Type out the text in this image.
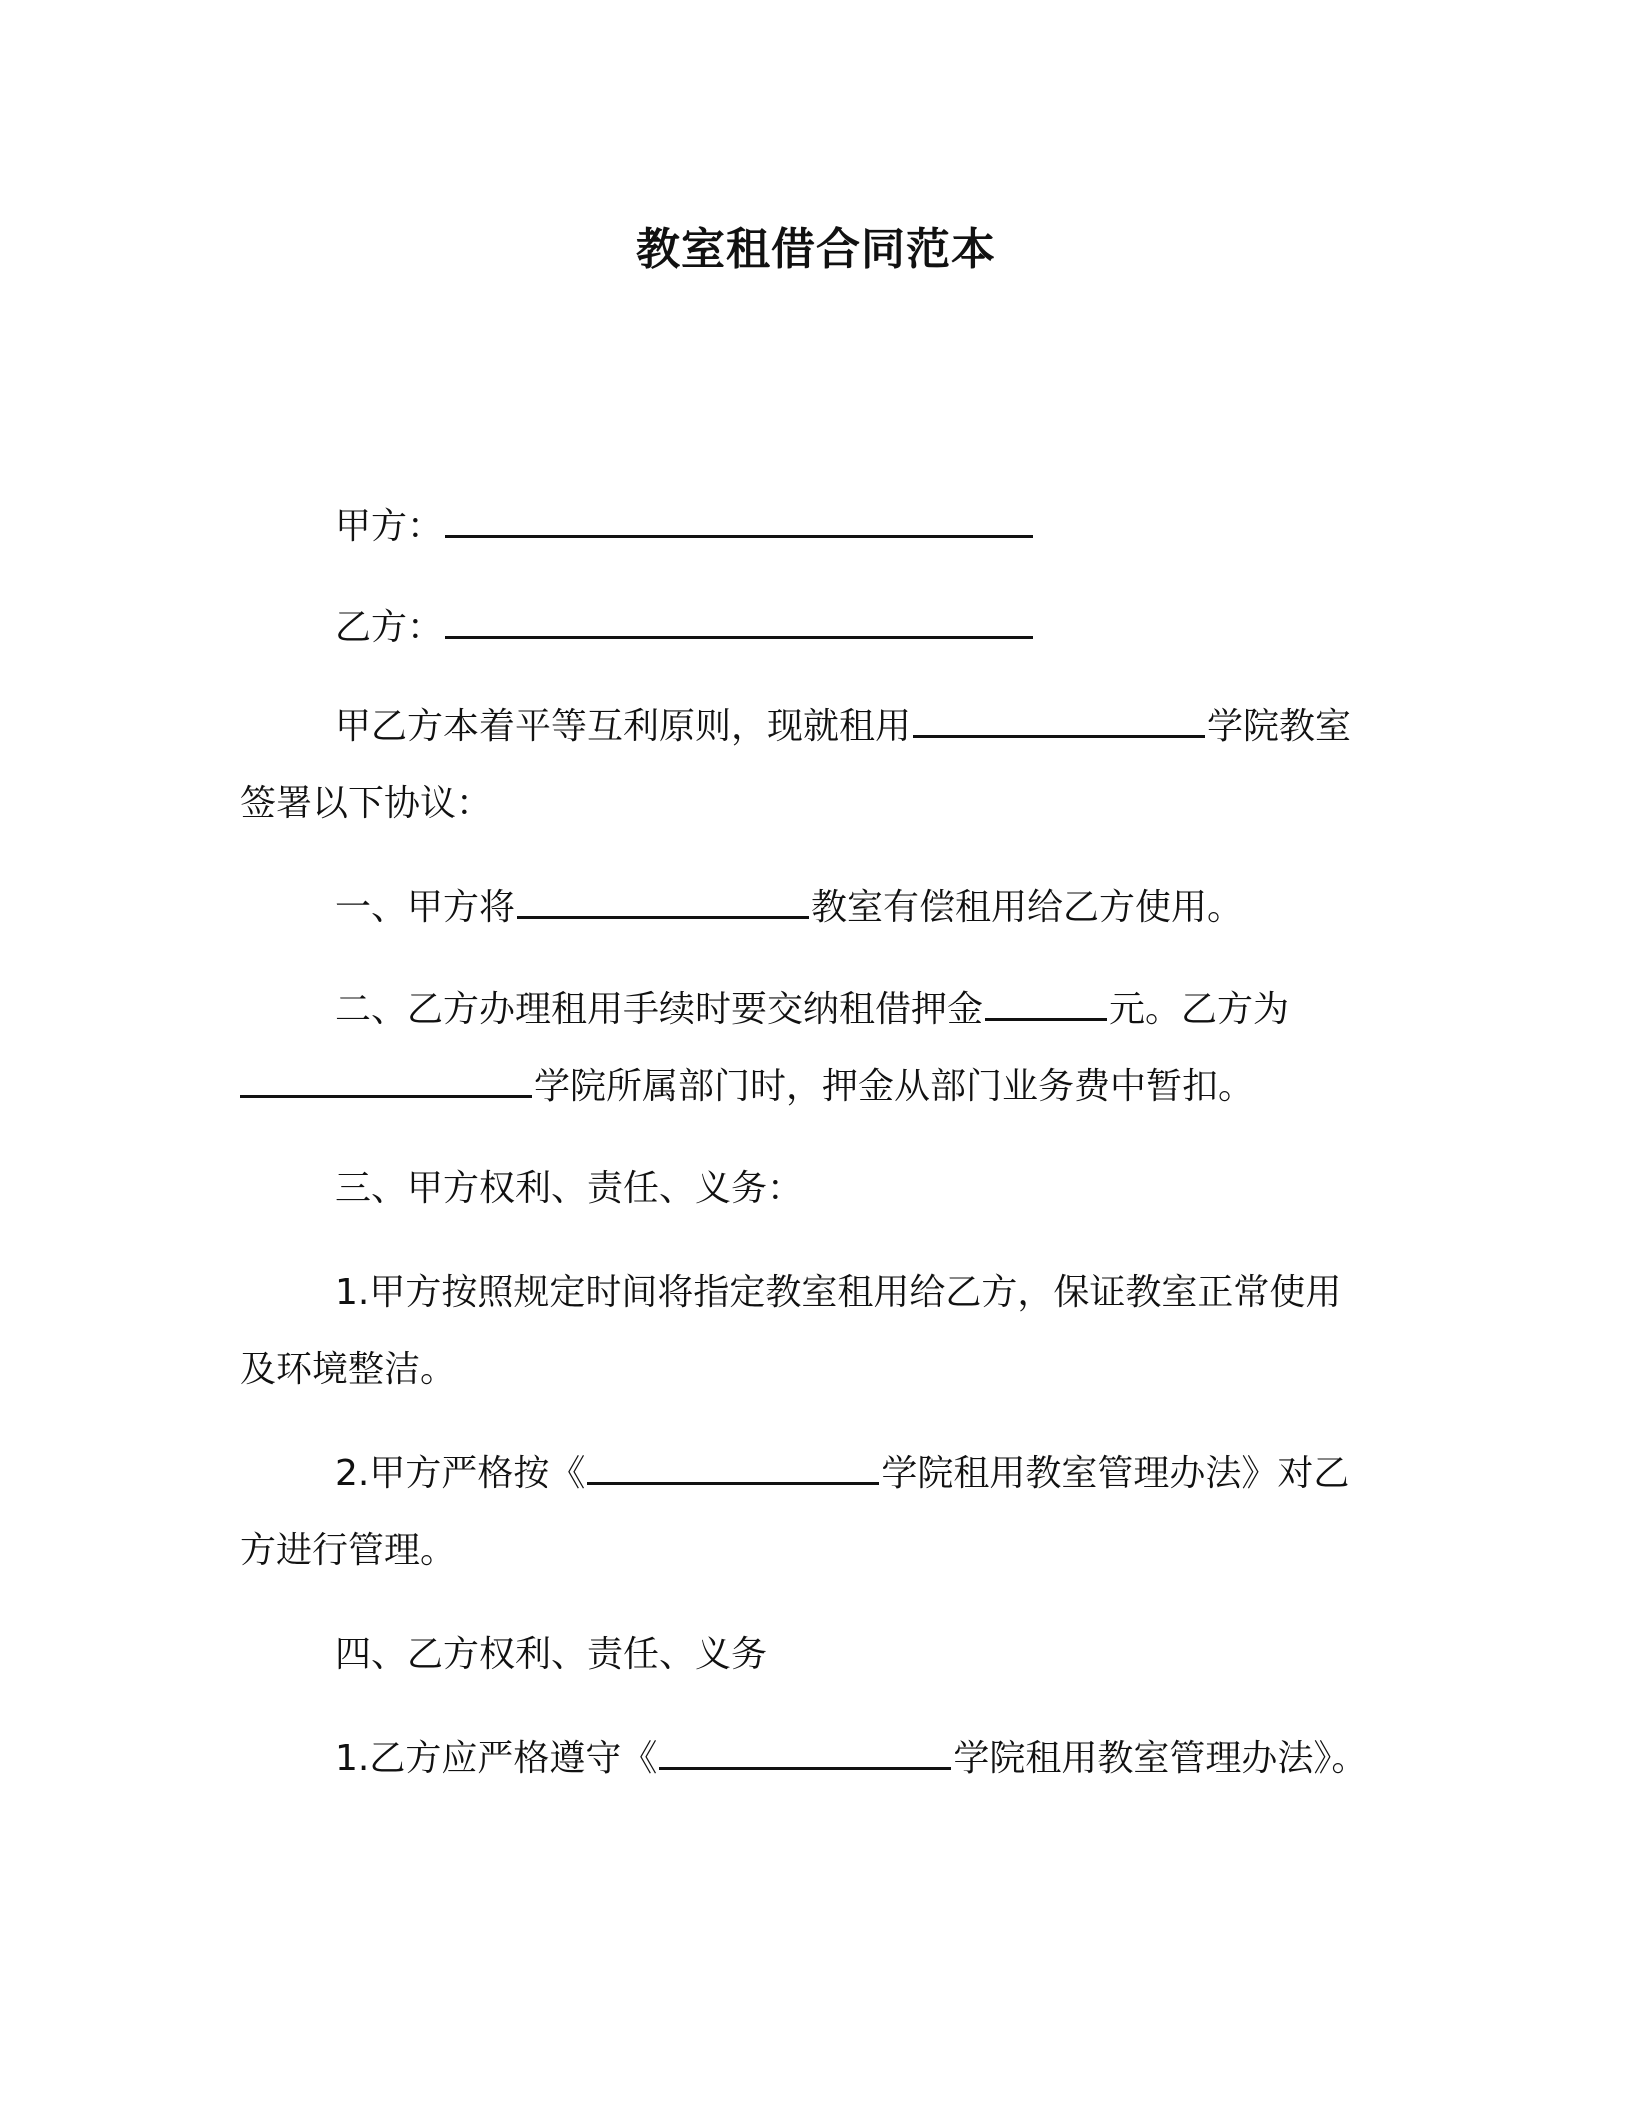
教室租借合同范本
甲方：
乙方：
甲乙方本着平等互利原则，现就租用	学院教室
签署以下协议：
一、甲方将	教室有偿租用给乙方使用。
二、乙方办理租用手续时要交纳租借押金	元。乙方为
学院所属部门时，押金从部门业务费中暂扣。
三、甲方权利、责任、义务：
1.甲方按照规定时间将指定教室租用给乙方，保证教室正常使用
及环境整洁。
2.甲方严格按《	学院租用教室管理办法》对乙
方进行管理。
四、乙方权利、责任、义务
1.乙方应严格遵守《	学院租用教室管理办法》。
